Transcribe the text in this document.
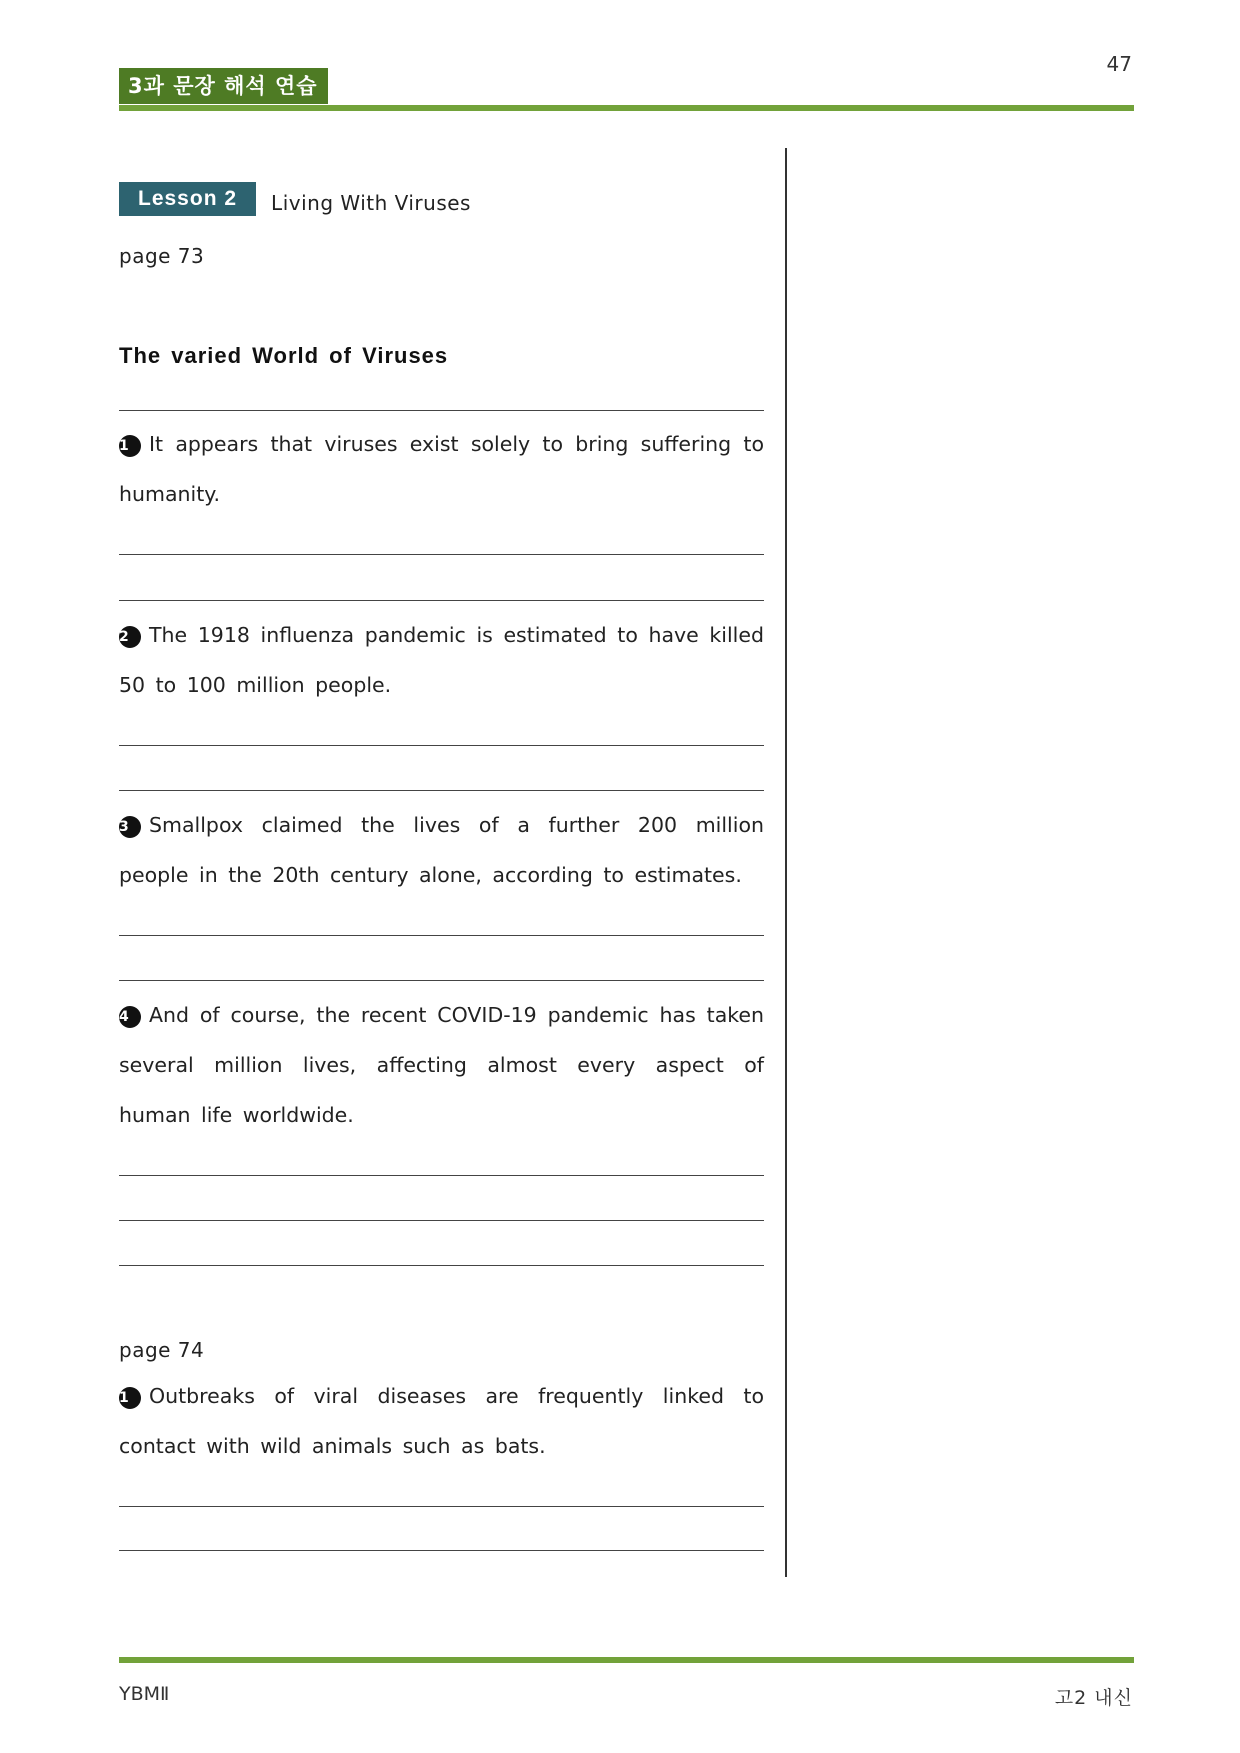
47
3과 문장 해석 연습
Lesson 2	Living With Viruses
page 73
The varied World of Viruses

1 It appears that viruses exist solely to bring suffering to humanity.

2 The 1918 influenza pandemic is estimated to have killed 50 to 100 million people.

3 Smallpox claimed the lives of a further 200 million people in the 20th century alone, according to estimates.

4 And of course, the recent COVID-19 pandemic has taken several million lives, affecting almost every aspect of human life worldwide.

page 74

1 Outbreaks of viral diseases are frequently linked to contact with wild animals such as bats.

YBMⅡ	고2 내신
